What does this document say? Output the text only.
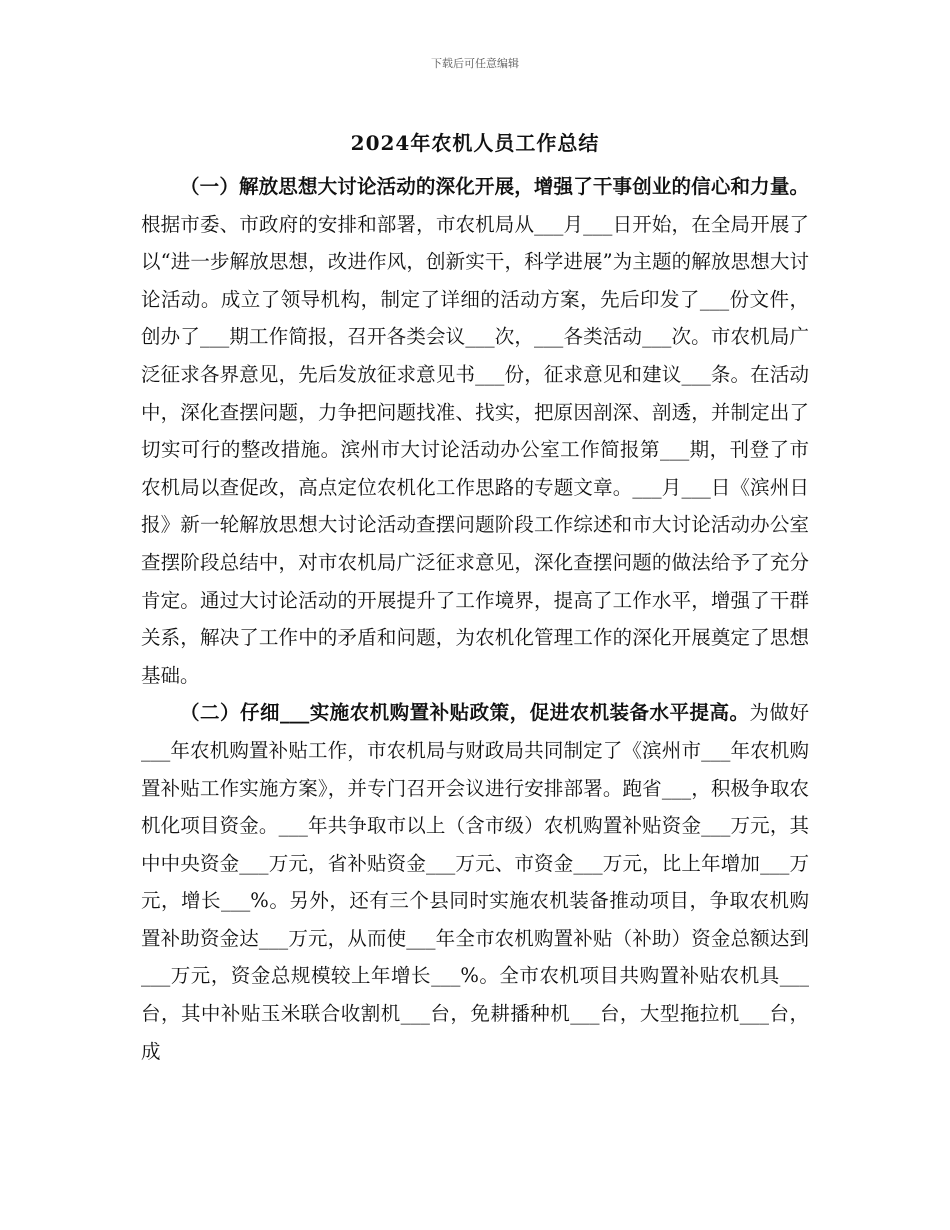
下载后可任意编辑
2024年农机人员工作总结

（一）解放思想大讨论活动的深化开展，增强了干事创业的信心和力量。根据市委、市政府的安排和部署，市农机局从___月___日开始，在全局开展了以“进一步解放思想，改进作风，创新实干，科学进展”为主题的解放思想大讨论活动。成立了领导机构，制定了详细的活动方案，先后印发了___份文件，创办了___期工作简报，召开各类会议___次，___各类活动___次。市农机局广泛征求各界意见，先后发放征求意见书___份，征求意见和建议___条。在活动中，深化查摆问题，力争把问题找准、找实，把原因剖深、剖透，并制定出了切实可行的整改措施。滨州市大讨论活动办公室工作简报第___期，刊登了市农机局以查促改，高点定位农机化工作思路的专题文章。___月___日《滨州日报》新一轮解放思想大讨论活动查摆问题阶段工作综述和市大讨论活动办公室查摆阶段总结中，对市农机局广泛征求意见，深化查摆问题的做法给予了充分肯定。通过大讨论活动的开展提升了工作境界，提高了工作水平，增强了干群关系，解决了工作中的矛盾和问题，为农机化管理工作的深化开展奠定了思想基础。

（二）仔细___实施农机购置补贴政策，促进农机装备水平提高。为做好___年农机购置补贴工作，市农机局与财政局共同制定了《滨州市___年农机购置补贴工作实施方案》，并专门召开会议进行安排部署。跑省___，积极争取农机化项目资金。___年共争取市以上（含市级）农机购置补贴资金___万元，其中中央资金___万元，省补贴资金___万元、市资金___万元，比上年增加___万元，增长___%。另外，还有三个县同时实施农机装备推动项目，争取农机购置补助资金达___万元，从而使___年全市农机购置补贴（补助）资金总额达到___万元，资金总规模较上年增长___%。全市农机项目共购置补贴农机具___台，其中补贴玉米联合收割机___台，免耕播种机___台，大型拖拉机___台，成
